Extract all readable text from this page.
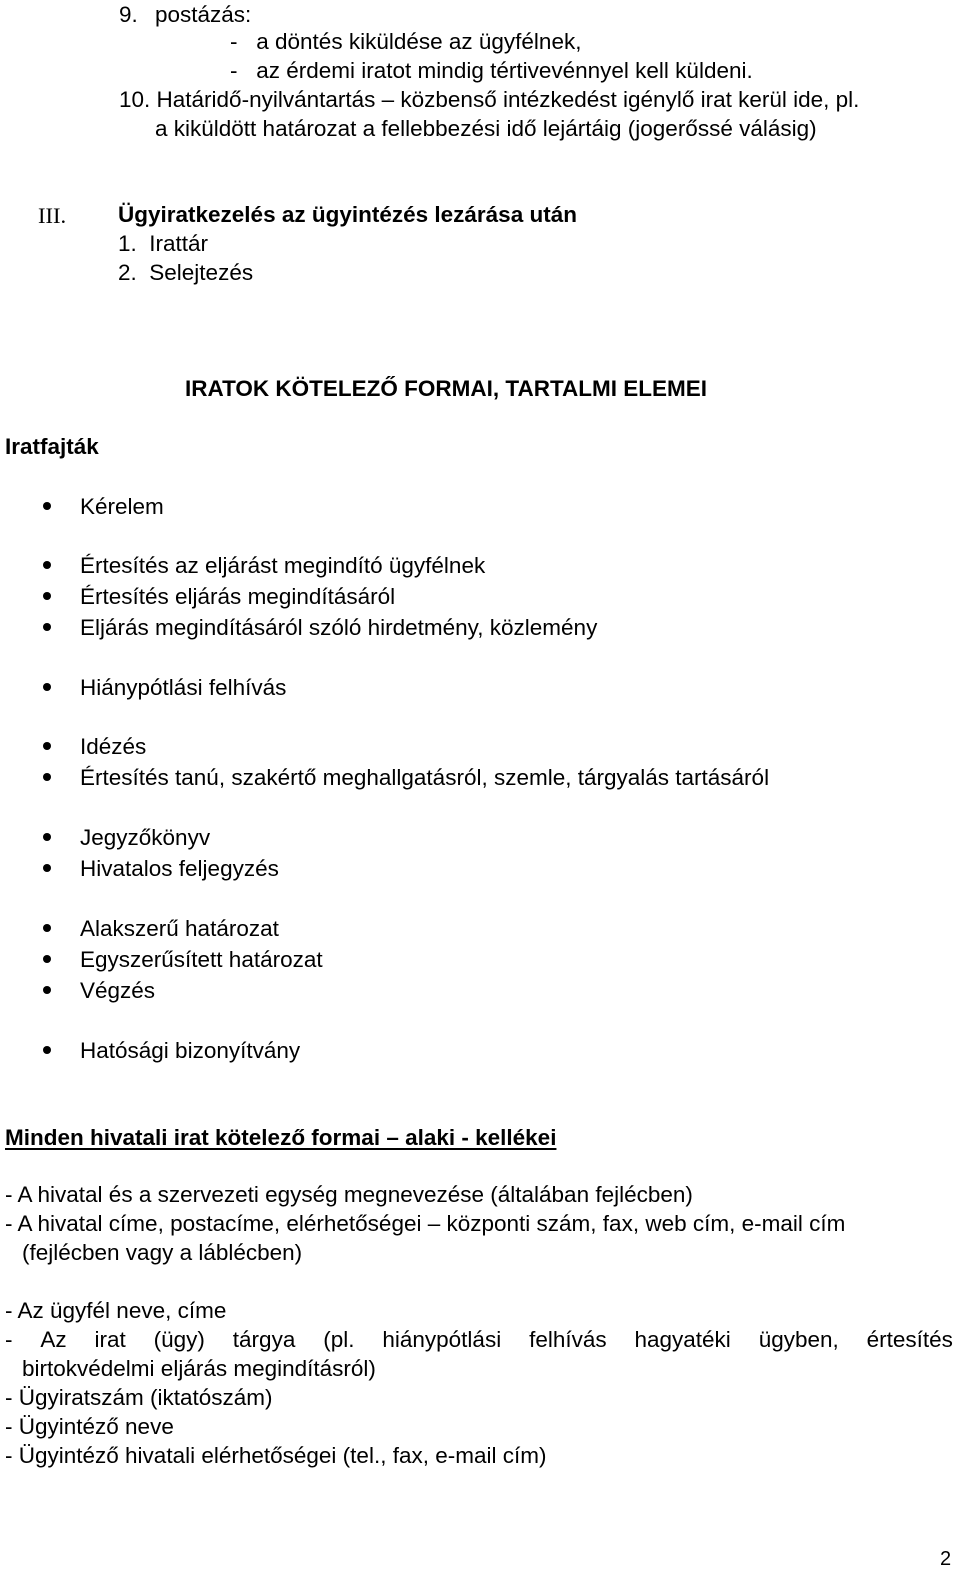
9. postázás:
-   a döntés kiküldése az ügyfélnek,
-   az érdemi iratot mindig tértivevénnyel kell küldeni.
10. Határidő-nyilvántartás – közbenső intézkedést igénylő irat kerül ide, pl.
a kiküldött határozat a fellebbezési idő lejártáig (jogerőssé válásig)
III. Ügyiratkezelés az ügyintézés lezárása után
1.  Irattár
2.  Selejtezés
IRATOK KÖTELEZŐ FORMAI, TARTALMI ELEMEI
Iratfajták
Kérelem
Értesítés az eljárást megindító ügyfélnek
Értesítés eljárás megindításáról
Eljárás megindításáról szóló hirdetmény, közlemény
Hiánypótlási felhívás
Idézés
Értesítés tanú, szakértő meghallgatásról, szemle, tárgyalás tartásáról
Jegyzőkönyv
Hivatalos feljegyzés
Alakszerű határozat
Egyszerűsített határozat
Végzés
Hatósági bizonyítvány
Minden hivatali irat kötelező formai – alaki - kellékei
- A hivatal és a szervezeti egység megnevezése (általában fejlécben)
- A hivatal címe, postacíme, elérhetőségei – központi szám, fax, web cím, e-mail cím
(fejlécben vagy a láblécben)
- Az ügyfél neve, címe
- Az irat (ügy) tárgya (pl. hiánypótlási felhívás hagyatéki ügyben, értesítés
birtokvédelmi eljárás megindításról)
- Ügyiratszám (iktatószám)
- Ügyintéző neve
- Ügyintéző hivatali elérhetőségei (tel., fax, e-mail cím)
2
